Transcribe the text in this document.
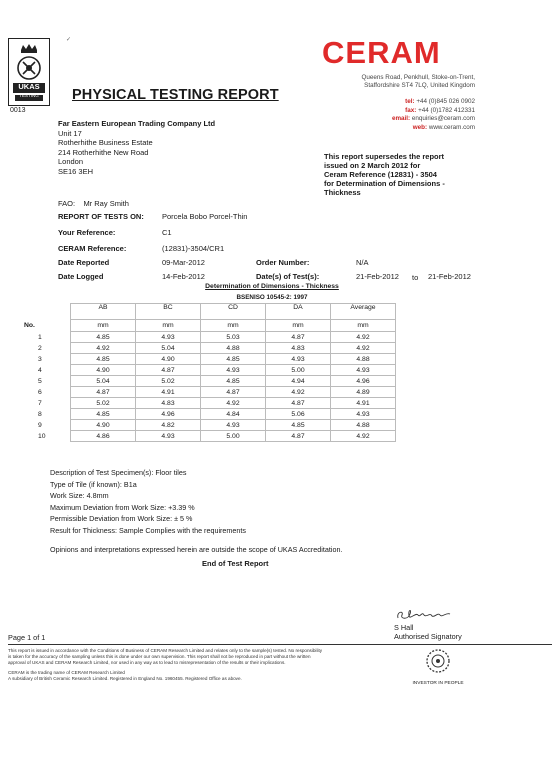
UKAS
TESTING
0013
✓
PHYSICAL TESTING REPORT
CERAM
Queens Road, Penkhull, Stoke-on-Trent,
Staffordshire ST4 7LQ, United Kingdom
tel: +44 (0)845 026 0902
fax: +44 (0)1782 412331
email: enquiries@ceram.com
web: www.ceram.com
Far Eastern European Trading Company Ltd
Unit 17
Rotherhithe Business Estate
214 Rotherhithe New Road
London
SE16 3EH
This report supersedes the report
issued on 2 March 2012 for
Ceram Reference (12831) - 3504
for Determination of Dimensions -
Thickness
FAO: Mr Ray Smith
REPORT OF TESTS ON: Porcela Bobo Porcel-Thin
Your Reference:	C1
CERAM Reference:	(12831)-3504/CR1
Date Reported	09-Mar-2012	Order Number:	N/A
Date Logged	14-Feb-2012	Date(s) of Test(s):	21-Feb-2012 to 21-Feb-2012
Determination of Dimensions - Thickness
BSENISO 10545-2: 1997
	AB	BC	CD	DA	Average
No.	mm	mm	mm	mm	mm
1	4.85	4.93	5.03	4.87	4.92
2	4.92	5.04	4.88	4.83	4.92
3	4.85	4.90	4.85	4.93	4.88
4	4.90	4.87	4.93	5.00	4.93
5	5.04	5.02	4.85	4.94	4.96
6	4.87	4.91	4.87	4.92	4.89
7	5.02	4.83	4.92	4.87	4.91
8	4.85	4.96	4.84	5.06	4.93
9	4.90	4.82	4.93	4.85	4.88
10	4.86	4.93	5.00	4.87	4.92
Description of Test Specimen(s): Floor tiles
Type of Tile (if known): B1a
Work Size: 4.8mm
Maximum Deviation from Work Size: +3.39 %
Permissible Deviation from Work Size: ± 5 %
Result for Thickness: Sample Complies with the requirements
Opinions and interpretations expressed herein are outside the scope of UKAS Accreditation.
End of Test Report
S Hall
Authorised Signatory
Page 1 of 1
This report is issued in accordance with the Conditions of Business of CERAM Research Limited and relates only to the sample(s) tested. No responsibility
is taken for the accuracy of the sampling unless this is done under our own supervision. This report shall not be reproduced in part without the written
approval of UKAS and CERAM Research Limited, nor used in any way as to lead to misrepresentation of the results or their implications.
CERAM is the trading name of CERAM Research Limited
A subsidiary of British Ceramic Research Limited. Registered in England No. 1960455. Registered Office as above.
INVESTOR IN PEOPLE
